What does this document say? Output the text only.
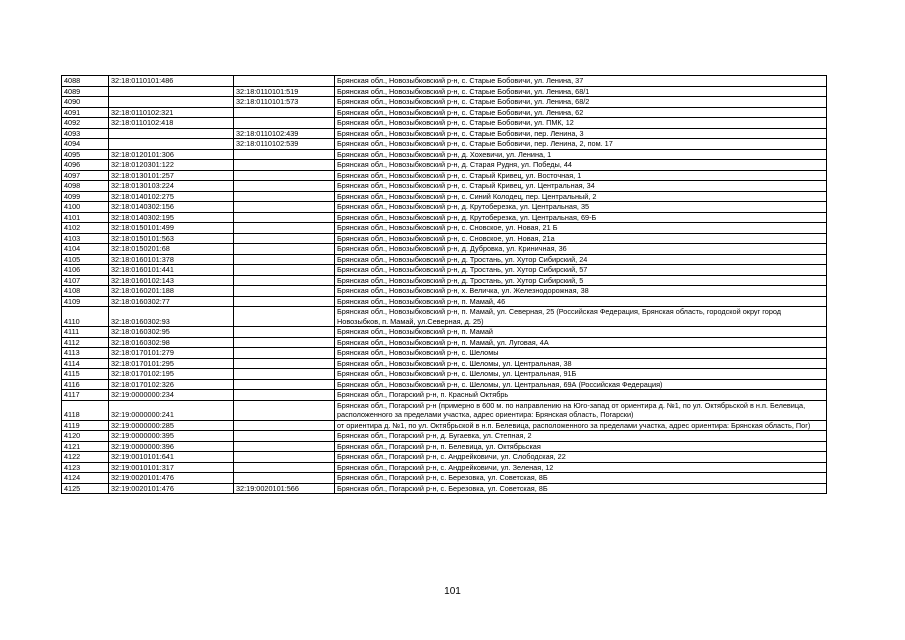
4088	32:18:0110101:486		Брянская обл., Новозыбковский р-н, с. Старые Бобовичи, ул. Ленина, 37
4089		32:18:0110101:519	Брянская обл., Новозыбковский р-н, с. Старые Бобовичи, ул. Ленина, 68/1
4090		32:18:0110101:573	Брянская обл., Новозыбковский р-н, с. Старые Бобовичи, ул. Ленина, 68/2
4091	32:18:0110102:321		Брянская обл., Новозыбковский р-н, с. Старые Бобовичи, ул. Ленина, 62
4092	32:18:0110102:418		Брянская обл., Новозыбковский р-н, с. Старые Бобовичи, ул. ПМК, 12
4093		32:18:0110102:439	Брянская обл., Новозыбковский р-н, с. Старые Бобовичи, пер. Ленина, 3
4094		32:18:0110102:539	Брянская обл., Новозыбковский р-н, с. Старые Бобовичи, пер. Ленина, 2, пом. 17
4095	32:18:0120101:306		Брянская обл., Новозыбковский р-н, д. Хохевичи, ул. Ленина, 1
4096	32:18:0120301:122		Брянская обл., Новозыбковский р-н, д. Старая Рудня, ул. Победы, 44
4097	32:18:0130101:257		Брянская обл., Новозыбковский р-н, с. Старый Кривец, ул. Восточная, 1
4098	32:18:0130103:224		Брянская обл., Новозыбковский р-н, с. Старый Кривец, ул. Центральная, 34
4099	32:18:0140102:275		Брянская обл., Новозыбковский р-н, с. Синий Колодец, пер. Центральный, 2
4100	32:18:0140302:156		Брянская обл., Новозыбковский р-н, д. Крутоберезка, ул. Центральная, 35
4101	32:18:0140302:195		Брянская обл., Новозыбковский р-н, д. Крутоберезка, ул. Центральная, 69-Б
4102	32:18:0150101:499		Брянская обл., Новозыбковский р-н, с. Сновское, ул. Новая, 21 Б
4103	32:18:0150101:563		Брянская обл., Новозыбковский р-н, с. Сновское, ул. Новая, 21а
4104	32:18:0150201:68		Брянская обл., Новозыбковский р-н, д. Дубровка, ул. Криничная, 36
4105	32:18:0160101:378		Брянская обл., Новозыбковский р-н, д. Тростань, ул. Хутор Сибирский, 24
4106	32:18:0160101:441		Брянская обл., Новозыбковский р-н, д. Тростань, ул. Хутор Сибирский, 57
4107	32:18:0160102:143		Брянская обл., Новозыбковский р-н, д. Тростань, ул. Хутор Сибирский, 5
4108	32:18:0160201:188		Брянская обл., Новозыбковский р-н, х. Величка, ул. Железнодорожная, 38
4109	32:18:0160302:77		Брянская обл., Новозыбковский р-н, п. Мамай, 46
4110	32:18:0160302:93		Брянская обл., Новозыбковский р-н, п. Мамай, ул. Северная, 25 (Российская Федерация, Брянская область, городской округ город Новозыбков, п. Мамай, ул.Северная, д. 25)
4111	32:18:0160302:95		Брянская обл., Новозыбковский р-н, п. Мамай
4112	32:18:0160302:98		Брянская обл., Новозыбковский р-н, п. Мамай, ул. Луговая, 4А
4113	32:18:0170101:279		Брянская обл., Новозыбковский р-н, с. Шеломы
4114	32:18:0170101:295		Брянская обл., Новозыбковский р-н, с. Шеломы, ул. Центральная, 38
4115	32:18:0170102:195		Брянская обл., Новозыбковский р-н, с. Шеломы, ул. Центральная, 91Б
4116	32:18:0170102:326		Брянская обл., Новозыбковский р-н, с. Шеломы, ул. Центральная, 69А (Российская Федерация)
4117	32:19:0000000:234		Брянская обл., Погарский р-н, п. Красный Октябрь
4118	32:19:0000000:241		Брянская обл., Погарский р-н (примерно в 600 м. по направлению на Юго-запад от ориентира д. №1, по ул. Октябрьской в н.п. Белевица, расположенного за пределами участка, адрес ориентира: Брянская область, Погарски)
4119	32:19:0000000:285		от ориентира д. №1, по ул. Октябрьской в н.п. Белевица, расположенного за пределами участка, адрес ориентира: Брянская область, Пог)
4120	32:19:0000000:395		Брянская обл., Погарский р-н, д. Бугаевка, ул. Степная, 2
4121	32:19:0000000:396		Брянская обл., Погарский р-н, п. Белевица, ул. Октябрьская
4122	32:19:0010101:641		Брянская обл., Погарский р-н, с. Андрейковичи, ул. Слободская, 22
4123	32:19:0010101:317		Брянская обл., Погарский р-н, с. Андрейковичи, ул. Зеленая, 12
4124	32:19:0020101:476		Брянская обл., Погарский р-н, с. Березовка, ул. Советская, 8Б
4125	32:19:0020101:476	32:19:0020101:566	Брянская обл., Погарский р-н, с. Березовка, ул. Советская, 8Б
101
